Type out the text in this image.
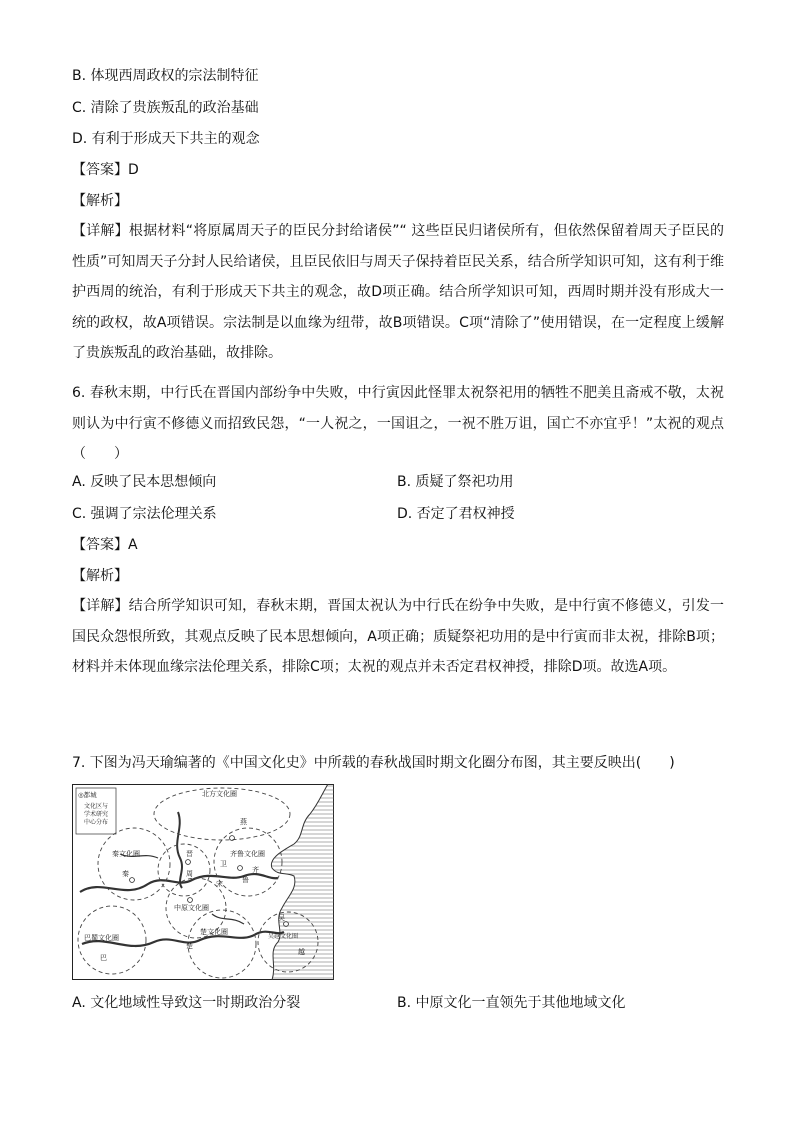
B. 体现西周政权的宗法制特征
C. 清除了贵族叛乱的政治基础
D. 有利于形成天下共主的观念
【答案】D
【解析】
【详解】根据材料“将原属周天子的臣民分封给诸侯”“ 这些臣民归诸侯所有，但依然保留着周天子臣民的性质”可知周天子分封人民给诸侯，且臣民依旧与周天子保持着臣民关系，结合所学知识可知，这有利于维护西周的统治，有利于形成天下共主的观念，故D项正确。结合所学知识可知，西周时期并没有形成大一统的政权，故A项错误。宗法制是以血缘为纽带，故B项错误。C项“清除了”使用错误，在一定程度上缓解了贵族叛乱的政治基础，故排除。
6. 春秋末期，中行氏在晋国内部纷争中失败，中行寅因此怪罪太祝祭祀用的牺牲不肥美且斋戒不敬，太祝则认为中行寅不修德义而招致民怨，“一人祝之，一国诅之，一祝不胜万诅，国亡不亦宜乎！”太祝的观点（　　）
A. 反映了民本思想倾向	B. 质疑了祭祀功用
C. 强调了宗法伦理关系	D. 否定了君权神授
【答案】A
【解析】
【详解】结合所学知识可知，春秋末期，晋国太祝认为中行氏在纷争中失败，是中行寅不修德义，引发一国民众怨恨所致，其观点反映了民本思想倾向，A项正确；质疑祭祀功用的是中行寅而非太祝，排除B项；材料并未体现血缘宗法伦理关系，排除C项；太祝的观点并未否定君权神授，排除D项。故选A项。
7. 下图为冯天瑜编著的《中国文化史》中所载的春秋战国时期文化圈分布图，其主要反映出(　　)
◎都城
文化区与
学术研究
中心分布
北方文化圈
燕
秦文化圈
秦
晋
周
齐鲁文化圈
齐
鲁
卫
宋
中原文化圈
巴蜀文化圈
巴
楚文化圈
楚
吴
越
吴越文化圈
A. 文化地域性导致这一时期政治分裂	B. 中原文化一直领先于其他地域文化
